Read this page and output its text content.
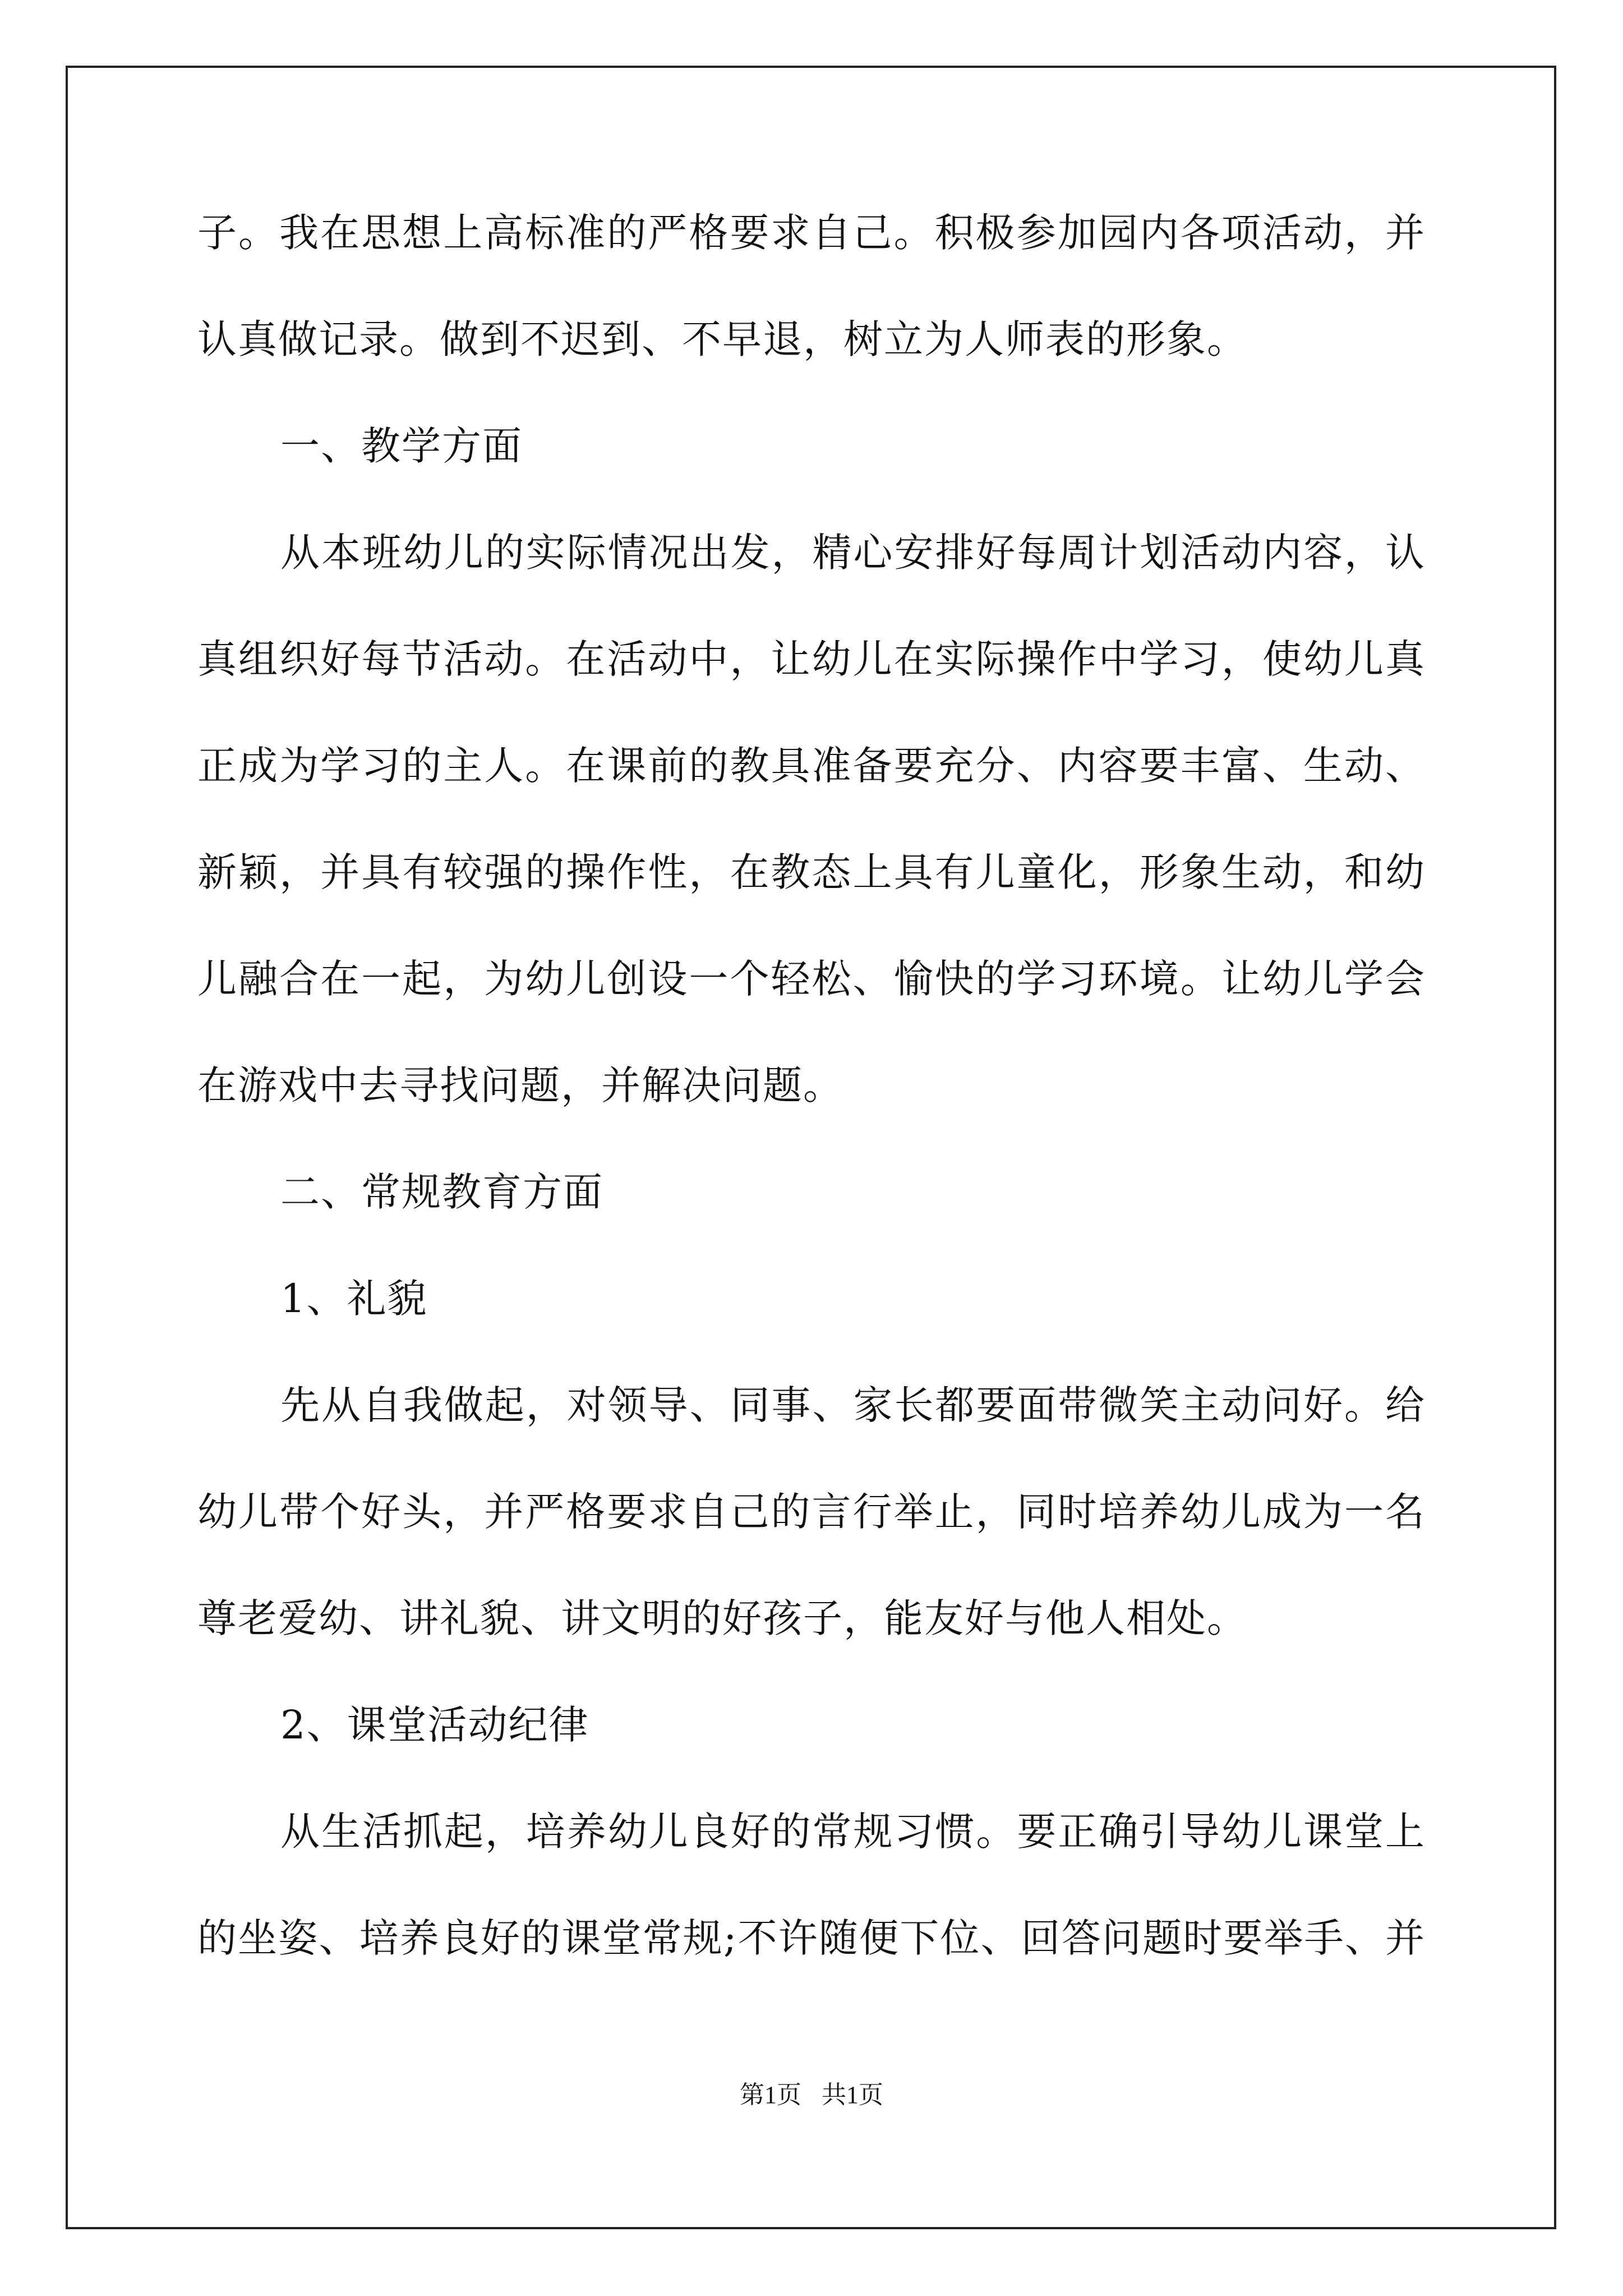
子。我在思想上高标准的严格要求自己。积极参加园内各项活动，并
认真做记录。做到不迟到、不早退，树立为人师表的形象。
一、教学方面
从本班幼儿的实际情况出发，精心安排好每周计划活动内容，认
真组织好每节活动。在活动中，让幼儿在实际操作中学习，使幼儿真
正成为学习的主人。在课前的教具准备要充分、内容要丰富、生动、
新颖，并具有较强的操作性，在教态上具有儿童化，形象生动，和幼
儿融合在一起，为幼儿创设一个轻松、愉快的学习环境。让幼儿学会
在游戏中去寻找问题，并解决问题。
二、常规教育方面
1、礼貌
先从自我做起，对领导、同事、家长都要面带微笑主动问好。给
幼儿带个好头，并严格要求自己的言行举止，同时培养幼儿成为一名
尊老爱幼、讲礼貌、讲文明的好孩子，能友好与他人相处。
2、课堂活动纪律
从生活抓起，培养幼儿良好的常规习惯。要正确引导幼儿课堂上
的坐姿、培养良好的课堂常规;不许随便下位、回答问题时要举手、并
第1页 共1页
